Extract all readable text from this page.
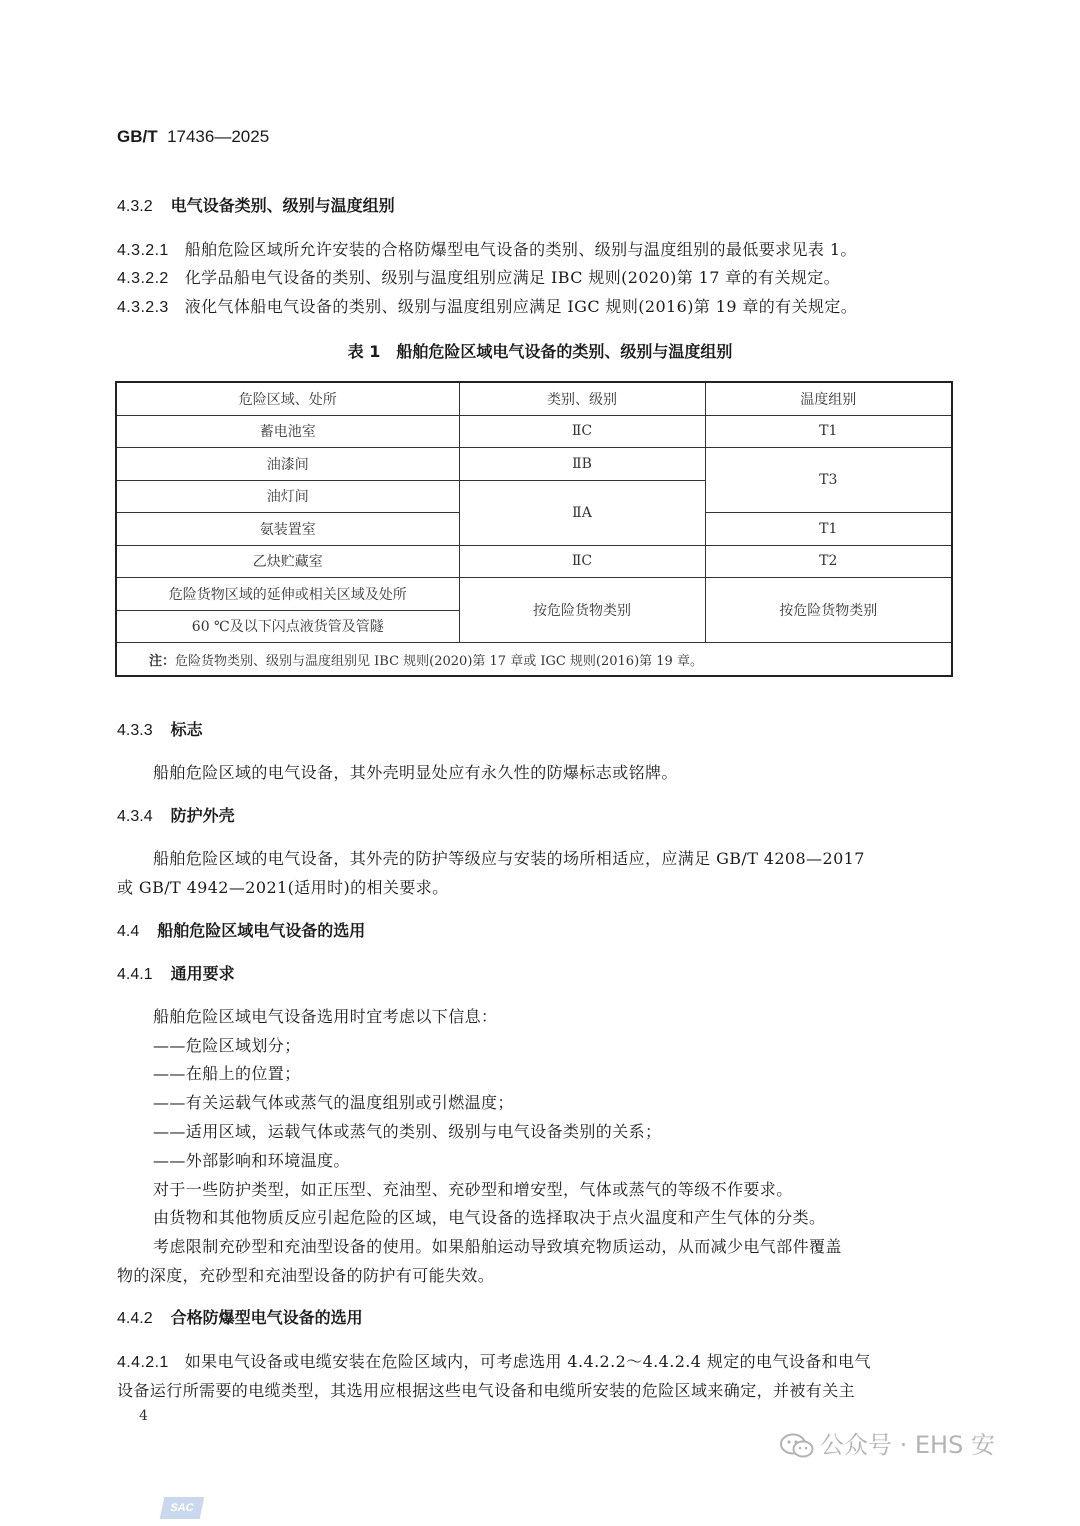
GB/T 17436—2025
4.3.2 电气设备类别、级别与温度组别
4.3.2.1 船舶危险区域所允许安装的合格防爆型电气设备的类别、级别与温度组别的最低要求见表 1。
4.3.2.2 化学品船电气设备的类别、级别与温度组别应满足 IBC 规则(2020)第 17 章的有关规定。
4.3.2.3 液化气体船电气设备的类别、级别与温度组别应满足 IGC 规则(2016)第 19 章的有关规定。
表 1 船舶危险区域电气设备的类别、级别与温度组别
危险区域、处所	类别、级别	温度组别
蓄电池室	ⅡC	T1
油漆间	ⅡB	T3
油灯间	ⅡA	
氨装置室		T1
乙炔贮藏室	ⅡC	T2
危险货物区域的延伸或相关区域及处所	按危险货物类别	按危险货物类别
60 ℃及以下闪点液货管及管隧		
注：危险货物类别、级别与温度组别见 IBC 规则(2020)第 17 章或 IGC 规则(2016)第 19 章。		
4.3.3 标志
船舶危险区域的电气设备，其外壳明显处应有永久性的防爆标志或铭牌。
4.3.4 防护外壳
船舶危险区域的电气设备，其外壳的防护等级应与安装的场所相适应，应满足 GB/T 4208—2017
或 GB/T 4942—2021(适用时)的相关要求。
4.4 船舶危险区域电气设备的选用
4.4.1 通用要求
船舶危险区域电气设备选用时宜考虑以下信息：
——危险区域划分；
——在船上的位置；
——有关运载气体或蒸气的温度组别或引燃温度；
——适用区域，运载气体或蒸气的类别、级别与电气设备类别的关系；
——外部影响和环境温度。
对于一些防护类型，如正压型、充油型、充砂型和增安型，气体或蒸气的等级不作要求。
由货物和其他物质反应引起危险的区域，电气设备的选择取决于点火温度和产生气体的分类。
考虑限制充砂型和充油型设备的使用。如果船舶运动导致填充物质运动，从而减少电气部件覆盖
物的深度，充砂型和充油型设备的防护有可能失效。
4.4.2 合格防爆型电气设备的选用
4.4.2.1 如果电气设备或电缆安装在危险区域内，可考虑选用 4.4.2.2～4.4.2.4 规定的电气设备和电气
设备运行所需要的电缆类型，其选用应根据这些电气设备和电缆所安装的危险区域来确定，并被有关主
4
公众号 · EHS 安
SAC
